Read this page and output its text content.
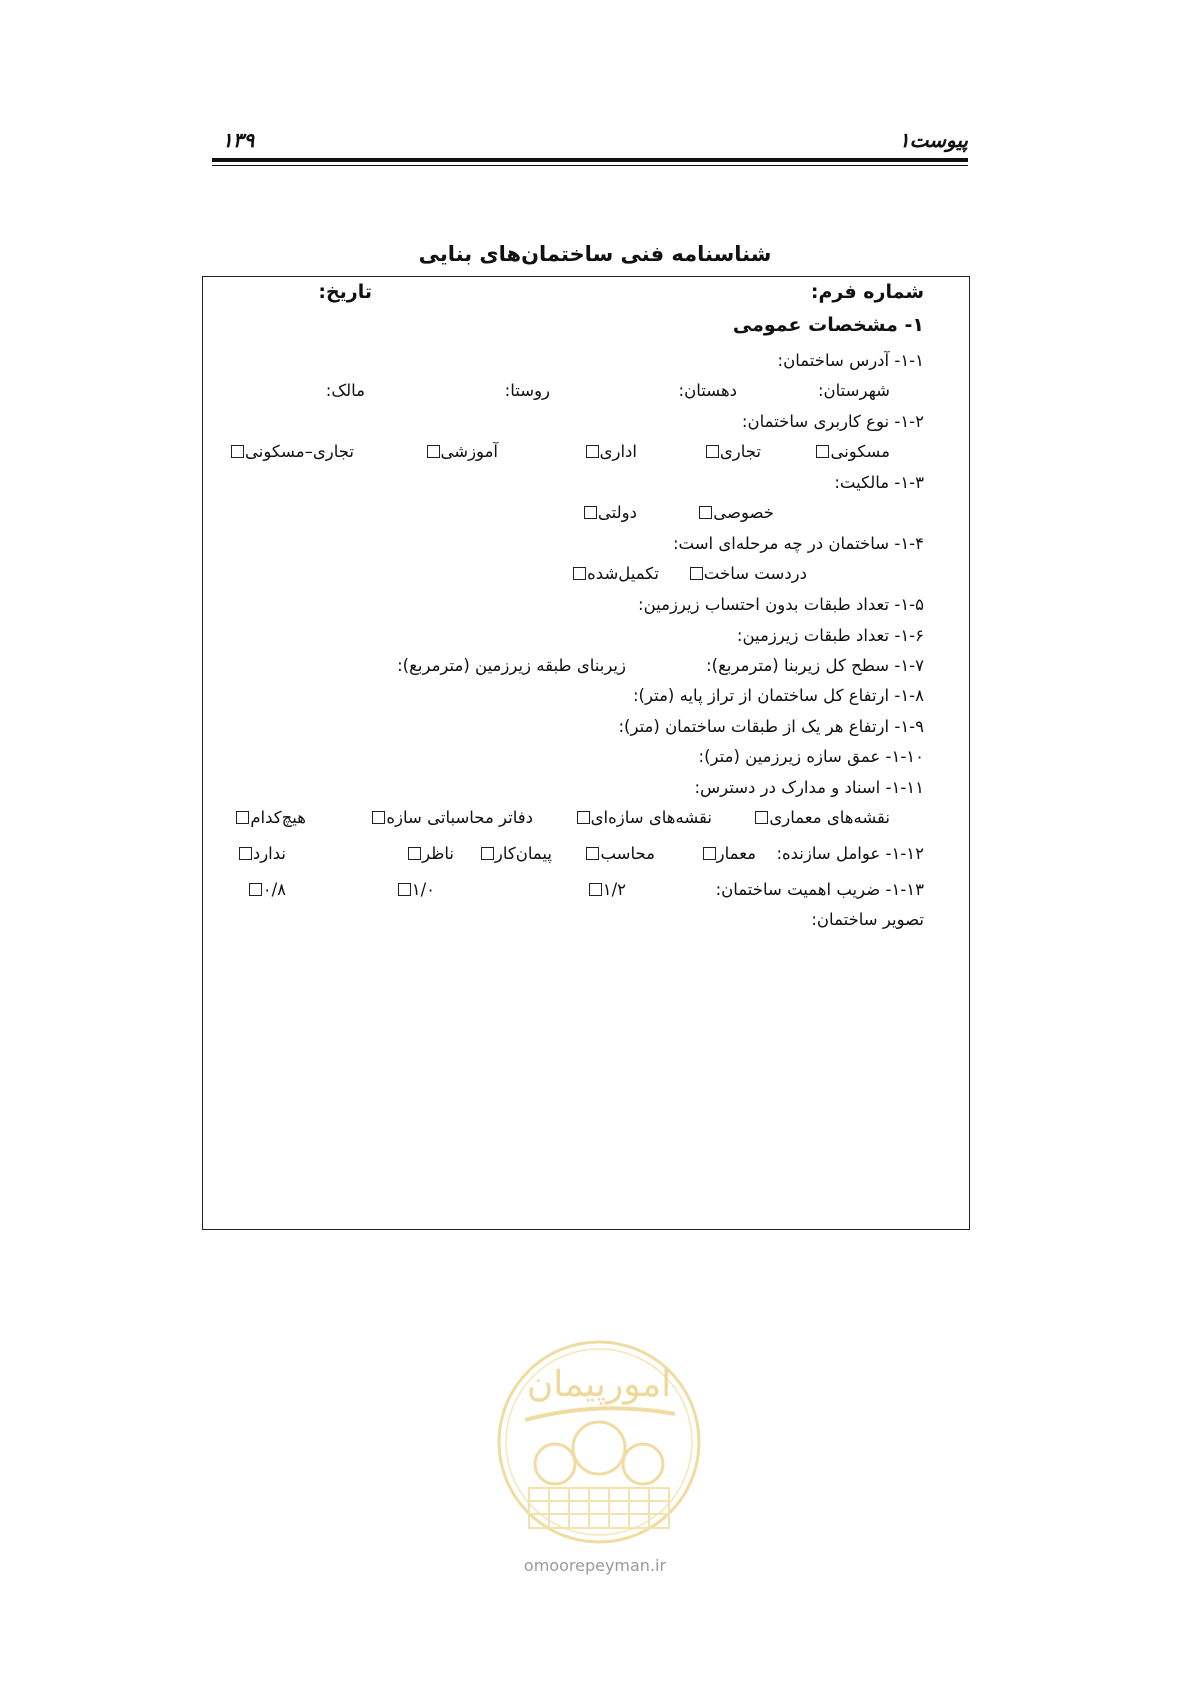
پیوست۱
۱۳۹
شناسنامه فنی ساختمان‌های بنایی
شماره فرم:
تاریخ:
۱- مشخصات عمومی
۱-۱- آدرس ساختمان:
شهرستان:
دهستان:
روستا:
مالک:
۱-۲- نوع کاربری ساختمان:
مسکونی
تجاری
اداری
آموزشی
تجاری–مسکونی
۱-۳- مالکیت:
خصوصی
دولتی
۱-۴- ساختمان در چه مرحله‌ای است:
دردست ساخت
تکمیل‌شده
۱-۵- تعداد طبقات بدون احتساب زیرزمین:
۱-۶- تعداد طبقات زیرزمین:
۱-۷- سطح کل زیربنا (مترمربع):
زیربنای طبقه زیرزمین (مترمربع):
۱-۸- ارتفاع کل ساختمان از تراز پایه (متر):
۱-۹- ارتفاع هر یک از طبقات ساختمان (متر):
۱-۱۰- عمق سازه زیرزمین (متر):
۱-۱۱- اسناد و مدارک در دسترس:
نقشه‌های معماری
نقشه‌های سازه‌ای
دفاتر محاسباتی سازه
هیچ‌کدام
۱-۱۲- عوامل سازنده:
معمار
محاسب
پیمان‌کار
ناظر
ندارد
۱-۱۳- ضریب اهمیت ساختمان:
۱/۲
۱/۰
۰/۸
تصویر ساختمان:
امورپیمان
omoorepeyman.ir
